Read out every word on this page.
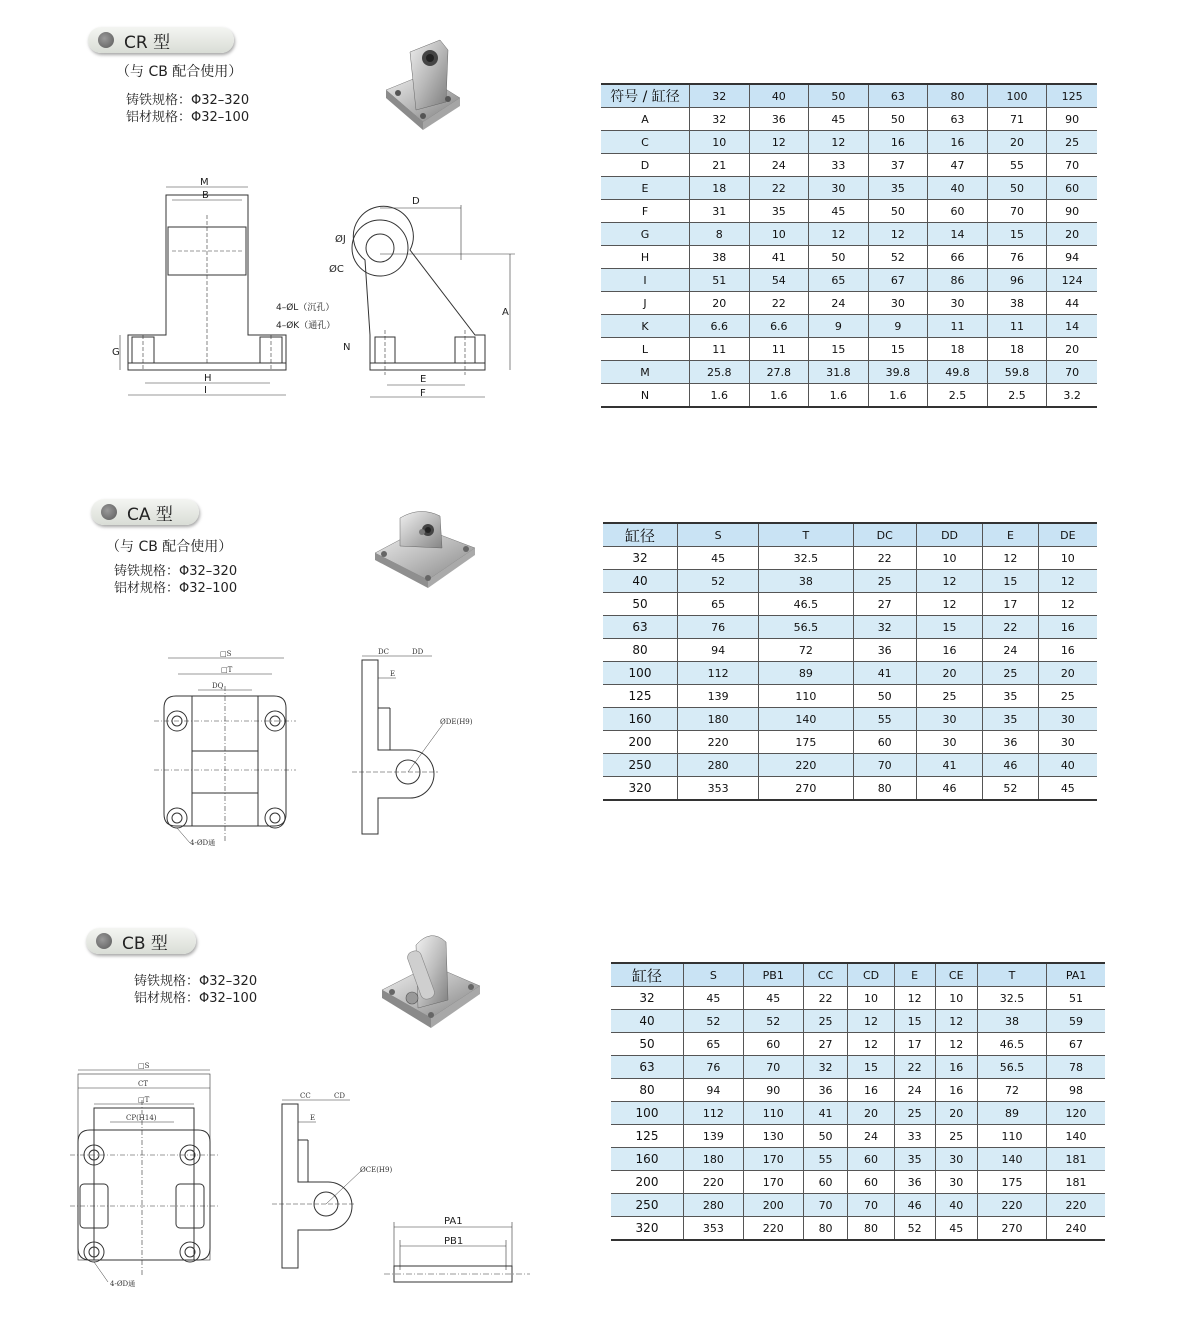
CR 型
（与 CB 配合使用）
铸铁规格：Φ32–320
铝材规格：Φ32–100
M
B
G
H
I
4–ØL（沉孔）
4–ØK（通孔）
D
ØJ
ØC
A
N
E
F
符号 / 缸径	32	40	50	63	80	100	125
A	32	36	45	50	63	71	90
C	10	12	12	16	16	20	25
D	21	24	33	37	47	55	70
E	18	22	30	35	40	50	60
F	31	35	45	50	60	70	90
G	8	10	12	12	14	15	20
H	38	41	50	52	66	76	94
I	51	54	65	67	86	96	124
J	20	22	24	30	30	38	44
K	6.6	6.6	9	9	11	11	14
L	11	11	15	15	18	18	20
M	25.8	27.8	31.8	39.8	49.8	59.8	70
N	1.6	1.6	1.6	1.6	2.5	2.5	3.2
CA 型
（与 CB 配合使用）
铸铁规格：Φ32–320
铝材规格：Φ32–100
□S
□T
DQ
4-ØD通
DC	DD
E
ØDE(H9)
缸径	S	T	DC	DD	E	DE
32	45	32.5	22	10	12	10
40	52	38	25	12	15	12
50	65	46.5	27	12	17	12
63	76	56.5	32	15	22	16
80	94	72	36	16	24	16
100	112	89	41	20	25	20
125	139	110	50	25	35	25
160	180	140	55	30	35	30
200	220	175	60	30	36	30
250	280	220	70	41	46	40
320	353	270	80	46	52	45
CB 型
铸铁规格：Φ32–320
铝材规格：Φ32–100
□S
CT
□T
CP(H14)
4-ØD通
CC	CD
E
ØCE(H9)
PA1
PB1
缸径	S	PB1	CC	CD	E	CE	T	PA1
32	45	45	22	10	12	10	32.5	51
40	52	52	25	12	15	12	38	59
50	65	60	27	12	17	12	46.5	67
63	76	70	32	15	22	16	56.5	78
80	94	90	36	16	24	16	72	98
100	112	110	41	20	25	20	89	120
125	139	130	50	24	33	25	110	140
160	180	170	55	60	35	30	140	181
200	220	170	60	60	36	30	175	181
250	280	200	70	70	46	40	220	220
320	353	220	80	80	52	45	270	240
